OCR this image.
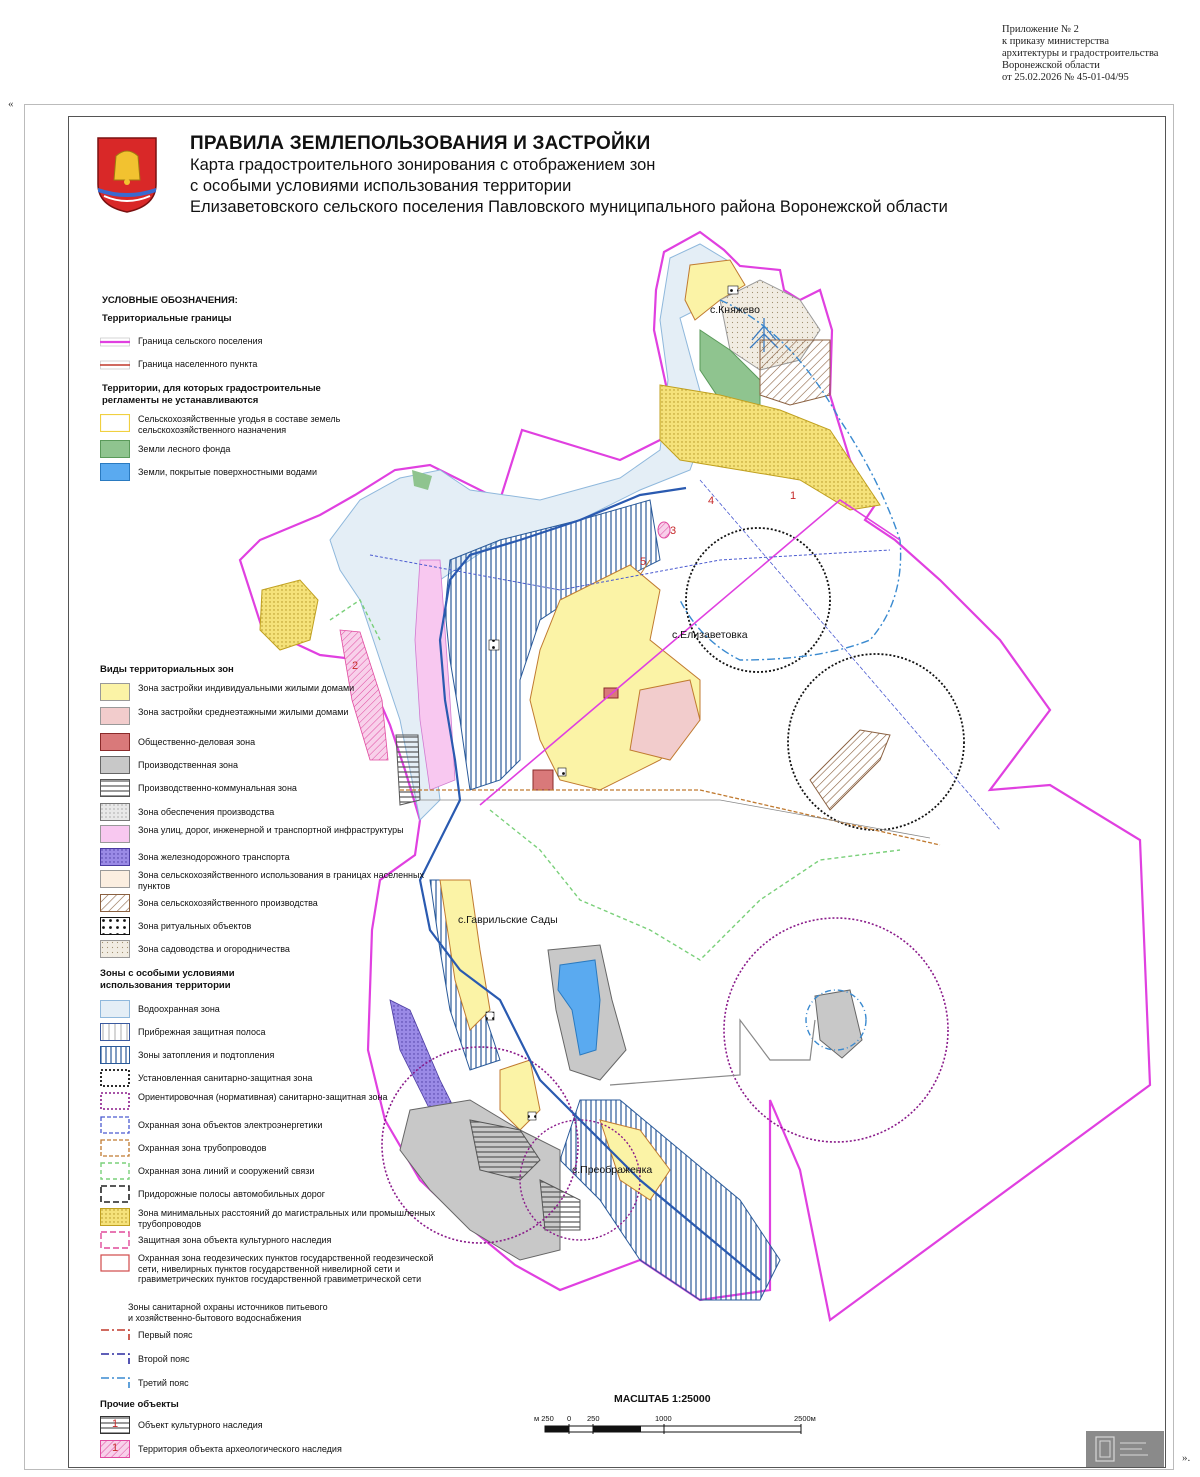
Приложение № 2
к приказу министерства
архитектуры и градостроительства
Воронежской области
от 25.02.2026 № 45-01-04/95
«
».
ПРАВИЛА ЗЕМЛЕПОЛЬЗОВАНИЯ И ЗАСТРОЙКИ
Карта градостроительного зонирования с отображением зон
с особыми условиями использования территории
Елизаветовского сельского поселения Павловского муниципального района Воронежской области
с.Княжево
с.Елизаветовка
с.Гаврильские Сады
с.Преображенка
1
2
3
4
5
УСЛОВНЫЕ ОБОЗНАЧЕНИЯ:
Территориальные границы
Граница сельского поселения
Граница населенного пункта
Территории, для которых градостроительные
регламенты не устанавливаются
Сельскохозяйственные угодья в составе земель сельскохозяйственного назначения
Земли лесного фонда
Земли, покрытые поверхностными водами
Виды территориальных зон
Зона застройки индивидуальными жилыми домами
Зона застройки среднеэтажными жилыми домами
Общественно-деловая зона
Производственная зона
Производственно-коммунальная зона
Зона обеспечения производства
Зона улиц, дорог, инженерной и транспортной инфраструктуры
Зона железнодорожного транспорта
Зона сельскохозяйственного использования в границах населенных пунктов
Зона сельскохозяйственного производства
Зона ритуальных объектов
Зона садоводства и огородничества
Зоны с особыми условиями
использования территории
Водоохранная зона
Прибрежная защитная полоса
Зоны затопления и подтопления
Установленная санитарно-защитная зона
Ориентировочная (нормативная) санитарно-защитная зона
Охранная зона объектов электроэнергетики
Охранная зона трубопроводов
Охранная зона линий и сооружений связи
Придорожные полосы автомобильных дорог
Зона минимальных расстояний до магистральных или промышленных трубопроводов
Защитная зона объекта культурного наследия
Охранная зона геодезических пунктов государственной геодезической сети, нивелирных пунктов государственной нивелирной сети и гравиметрических пунктов государственной гравиметрической сети
Зоны санитарной охраны источников питьевого
и хозяйственно-бытового водоснабжения
Первый пояс
Второй пояс
Третий пояс
Прочие объекты
1 Объект культурного наследия
1 Территория объекта археологического наследия
МАСШТАБ 1:25000
м 250 0 250	1000	2500м
